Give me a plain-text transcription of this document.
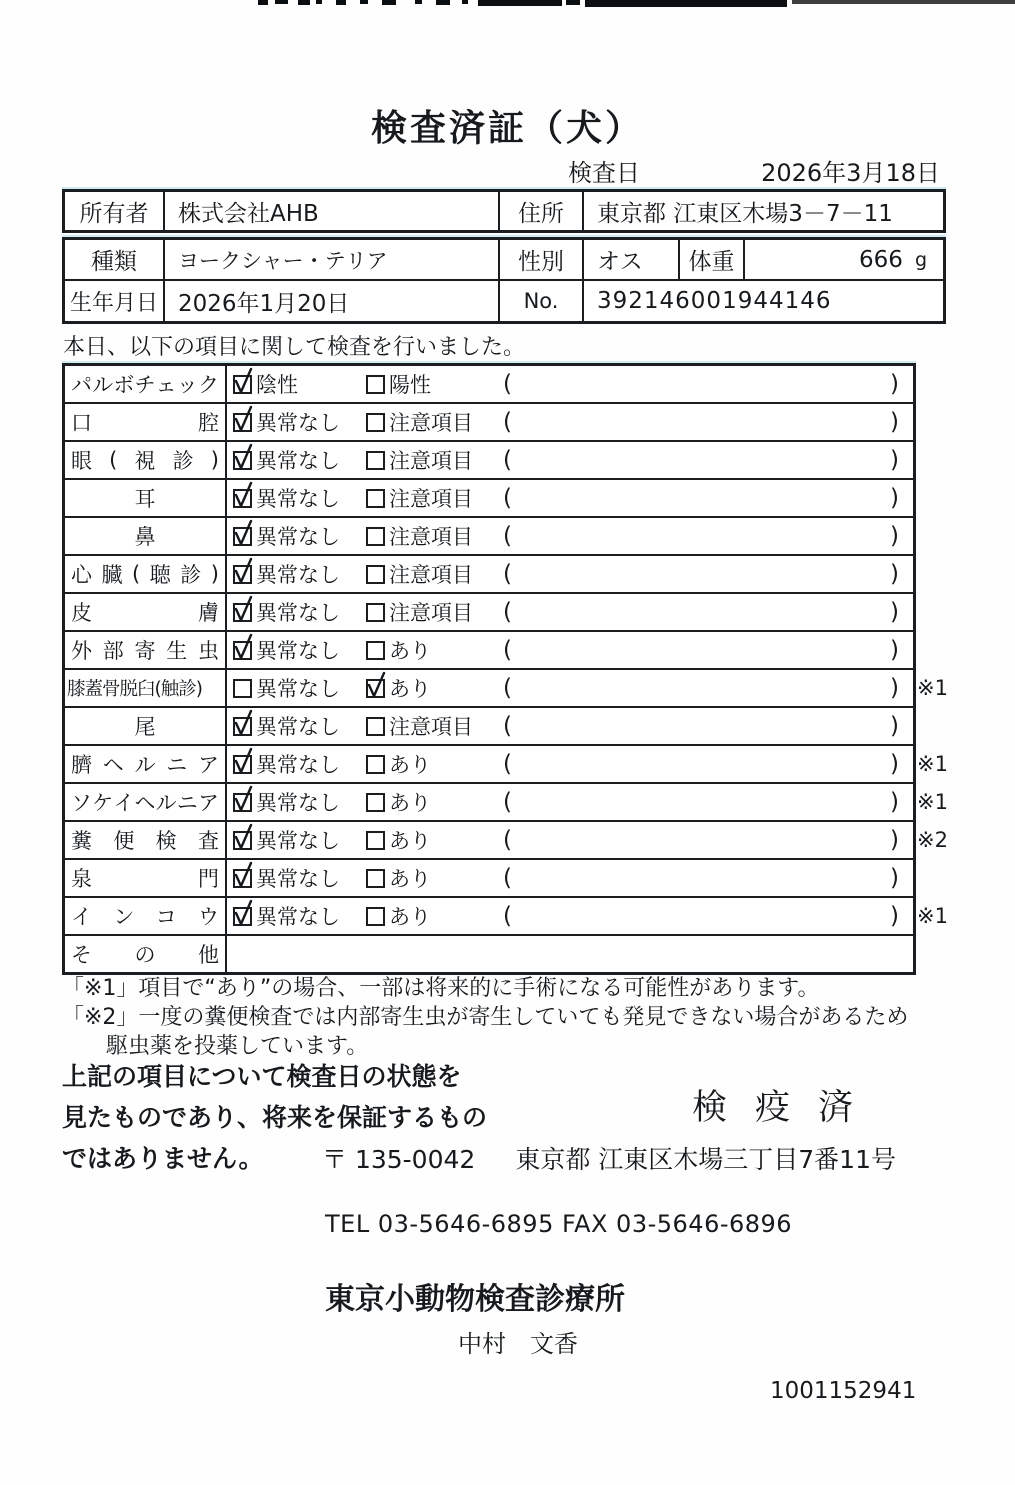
検査済証（犬）
検査日	2026年3月18日
所有者	株式会社AHB	住所	東京都 江東区木場3－7－11
種類	ヨークシャー・テリア	性別	オス	体重	666 g
生年月日 2026年1月20日	No.	392146001944146
本日、以下の項目に関して検査を行いました。
パ ル ボ チ ェ ッ ク 陰性	陽性	(	)
口	腔 異常なし 注意項目 (	)
眼 ( 視 診 ) 異常なし 注意項目 (	)
耳	異常なし 注意項目 (	)
鼻	異常なし 注意項目 (	)
心 臓 ( 聴 診 ) 異常なし 注意項目 (	)
皮	膚 異常なし 注意項目 (	)
外 部 寄 生 虫 異常なし あり	(	)
膝蓋骨脱臼(触診)	異常なし あり	(	) ※1
尾	異常なし 注意項目 (	)
臍 ヘ ル ニ ア 異常なし あり	(	) ※1
ソ ケ イ ヘ ル ニ ア 異常なし あり	(	) ※1
糞 便 検 査 異常なし あり	(	) ※2
泉	門 異常なし あり	(	)
イ ン コ ウ 異常なし あり	(	) ※1
そ の 他
「※1」項目で“あり”の場合、一部は将来的に手術になる可能性があります。
「※2」一度の糞便検査では内部寄生虫が寄生していても発見できない場合があるため
駆虫薬を投薬しています。
上記の項目について検査日の状態を
見たものであり、将来を保証するもの
ではありません。
検疫済
〒 135-0042 東京都 江東区木場三丁目7番11号
TEL 03-5646-6895 FAX 03-5646-6896
東京小動物検査診療所
中村　文香
1001152941
